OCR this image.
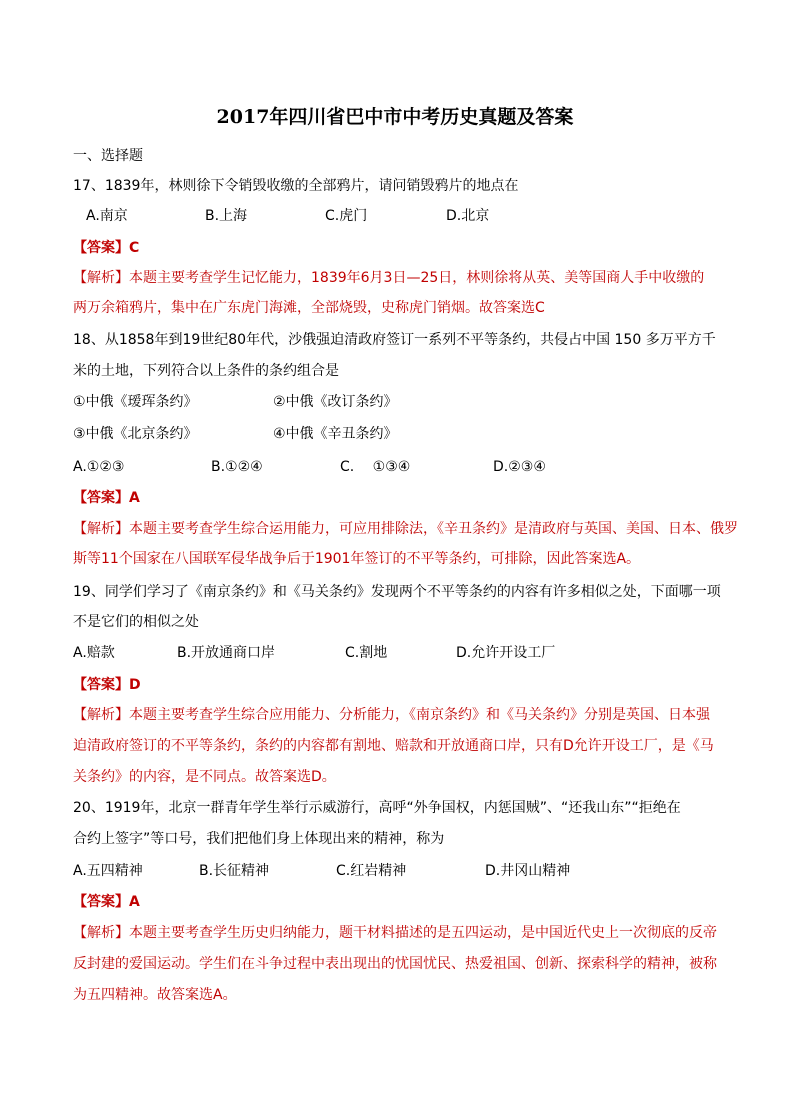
2017年四川省巴中市中考历史真题及答案
一、选择题
17、1839年，林则徐下令销毁收缴的全部鸦片，请问销毁鸦片的地点在
A.南京	B.上海	C.虎门	D.北京
【答案】C
【解析】本题主要考查学生记忆能力，1839年6月3日—25日，林则徐将从英、美等国商人手中收缴的
两万余箱鸦片，集中在广东虎门海滩，全部烧毁，史称虎门销烟。故答案选C
18、从1858年到19世纪80年代，沙俄强迫清政府签订一系列不平等条约，共侵占中国 150 多万平方千
米的土地，下列符合以上条件的条约组合是
①中俄《瑷珲条约》	②中俄《改订条约》
③中俄《北京条约》	④中俄《辛丑条约》
A.①②③	B.①②④	C.　 ①③④	D.②③④
【答案】A
【解析】本题主要考查学生综合运用能力，可应用排除法，《辛丑条约》是清政府与英国、美国、日本、俄罗
斯等11个国家在八国联军侵华战争后于1901年签订的不平等条约，可排除，因此答案选A。
19、同学们学习了《南京条约》和《马关条约》发现两个不平等条约的内容有许多相似之处，下面哪一项
不是它们的相似之处
A.赔款	B.开放通商口岸	C.割地	D.允许开设工厂
【答案】D
【解析】本题主要考查学生综合应用能力、分析能力，《南京条约》和《马关条约》分别是英国、日本强
迫清政府签订的不平等条约，条约的内容都有割地、赔款和开放通商口岸，只有D允许开设工厂，是《马
关条约》的内容，是不同点。故答案选D。
20、1919年，北京一群青年学生举行示威游行，高呼“外争国权，内惩国贼”、“还我山东”“拒绝在
合约上签字”等口号，我们把他们身上体现出来的精神，称为
A.五四精神	B.长征精神	C.红岩精神	D.井冈山精神
【答案】A
【解析】本题主要考查学生历史归纳能力，题干材料描述的是五四运动，是中国近代史上一次彻底的反帝
反封建的爱国运动。学生们在斗争过程中表出现出的忧国忧民、热爱祖国、创新、探索科学的精神，被称
为五四精神。故答案选A。
